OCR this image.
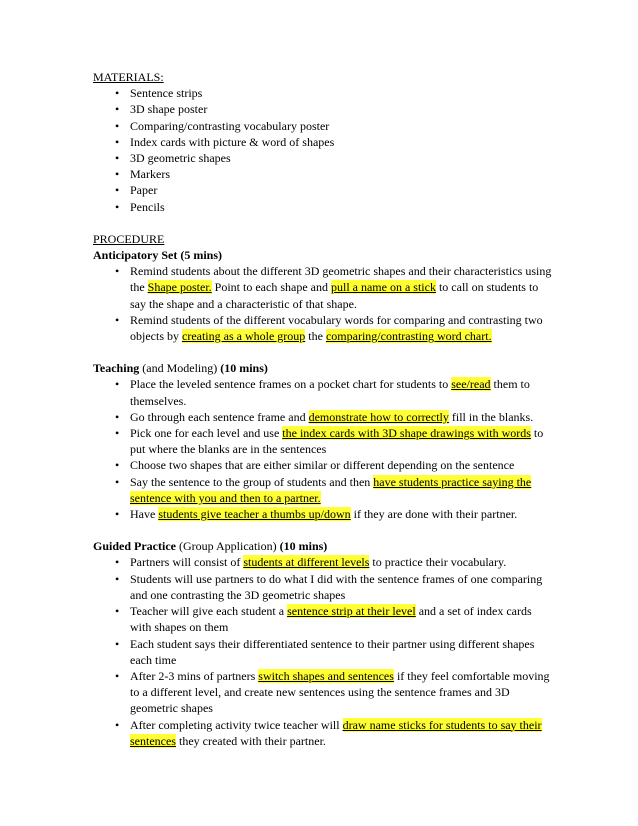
MATERIALS:
• Sentence strips
• 3D shape poster
• Comparing/contrasting vocabulary poster
• Index cards with picture & word of shapes
• 3D geometric shapes
• Markers
• Paper
• Pencils
PROCEDURE
Anticipatory Set (5 mins)
• Remind students about the different 3D geometric shapes and their characteristics using the Shape poster. Point to each shape and pull a name on a stick to call on students to say the shape and a characteristic of that shape.
• Remind students of the different vocabulary words for comparing and contrasting two objects by creating as a whole group the comparing/contrasting word chart.
Teaching (and Modeling) (10 mins)
• Place the leveled sentence frames on a pocket chart for students to see/read them to themselves.
• Go through each sentence frame and demonstrate how to correctly fill in the blanks.
• Pick one for each level and use the index cards with 3D shape drawings with words to put where the blanks are in the sentences
• Choose two shapes that are either similar or different depending on the sentence
• Say the sentence to the group of students and then have students practice saying the sentence with you and then to a partner.
• Have students give teacher a thumbs up/down if they are done with their partner.
Guided Practice (Group Application) (10 mins)
• Partners will consist of students at different levels to practice their vocabulary.
• Students will use partners to do what I did with the sentence frames of one comparing and one contrasting the 3D geometric shapes
• Teacher will give each student a sentence strip at their level and a set of index cards with shapes on them
• Each student says their differentiated sentence to their partner using different shapes each time
• After 2-3 mins of partners switch shapes and sentences if they feel comfortable moving to a different level, and create new sentences using the sentence frames and 3D geometric shapes
• After completing activity twice teacher will draw name sticks for students to say their sentences they created with their partner.
